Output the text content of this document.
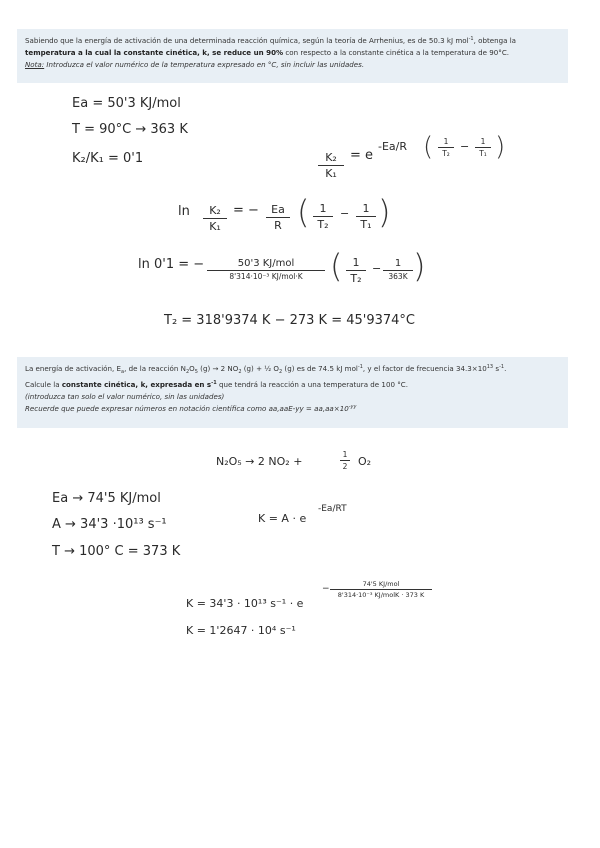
Sabiendo que la energía de activación de una determinada reacción química, según la teoría de Arrhenius, es de 50.3 kJ mol$^{-1}$, obtenga la temperatura a la cual la constante cinética, k, se reduce un 90% con respecto a la constante cinética a la temperatura de 90°C.

Nota: Introduzca el valor numérico de la temperatura expresado en °C, sin incluir las unidades.

Ea = 50'3 KJ/mol
T = 90°C → 363 K
K₂/K₁ = 0'1	K₂
K₁
= e
-Ea/R (	1
T₂
−	1
T₁ )
ln	K₂
K₁
= −	Ea
R ( 1
T₂
−	1
T₁ )
ln 0'1 = −	50'3 KJ/mol
8'314·10⁻³ KJ/mol·K ( 1
T₂
−	1
363K )
T₂ = 318'9374 K − 273 K = 45'9374°C

La energía de activación, $E_a$, de la reacción $N_2O_5$ (g) → 2 $NO_2$ (g) + ½ $O_2$ (g) es de 74.5 kJ mol$^{-1}$, y el factor de frecuencia $34.3\times 10^{13}$ $s^{-1}$.

Calcule la constante cinética, k, expresada en $s^{-1}$ que tendrá la reacción a una temperatura de 100 °C.

(introduzca tan solo el valor numérico, sin las unidades)

Recuerde que puede expresar números en notación científica como $aa,aaE-yy = aa,aa\times 10^{-yy}$

N₂O₅ → 2 NO₂ +
1
2 O₂
Ea → 74'5 KJ/mol
A → 34'3 ·10¹³ s⁻¹
T → 100° C = 373 K
K = A · e
-Ea/RT
K = 34'3 · 10¹³ s⁻¹ · e
−	74'5 KJ/mol
8'314·10⁻³ KJ/molK · 373 K
K = 1'2647 · 10⁴ s⁻¹
